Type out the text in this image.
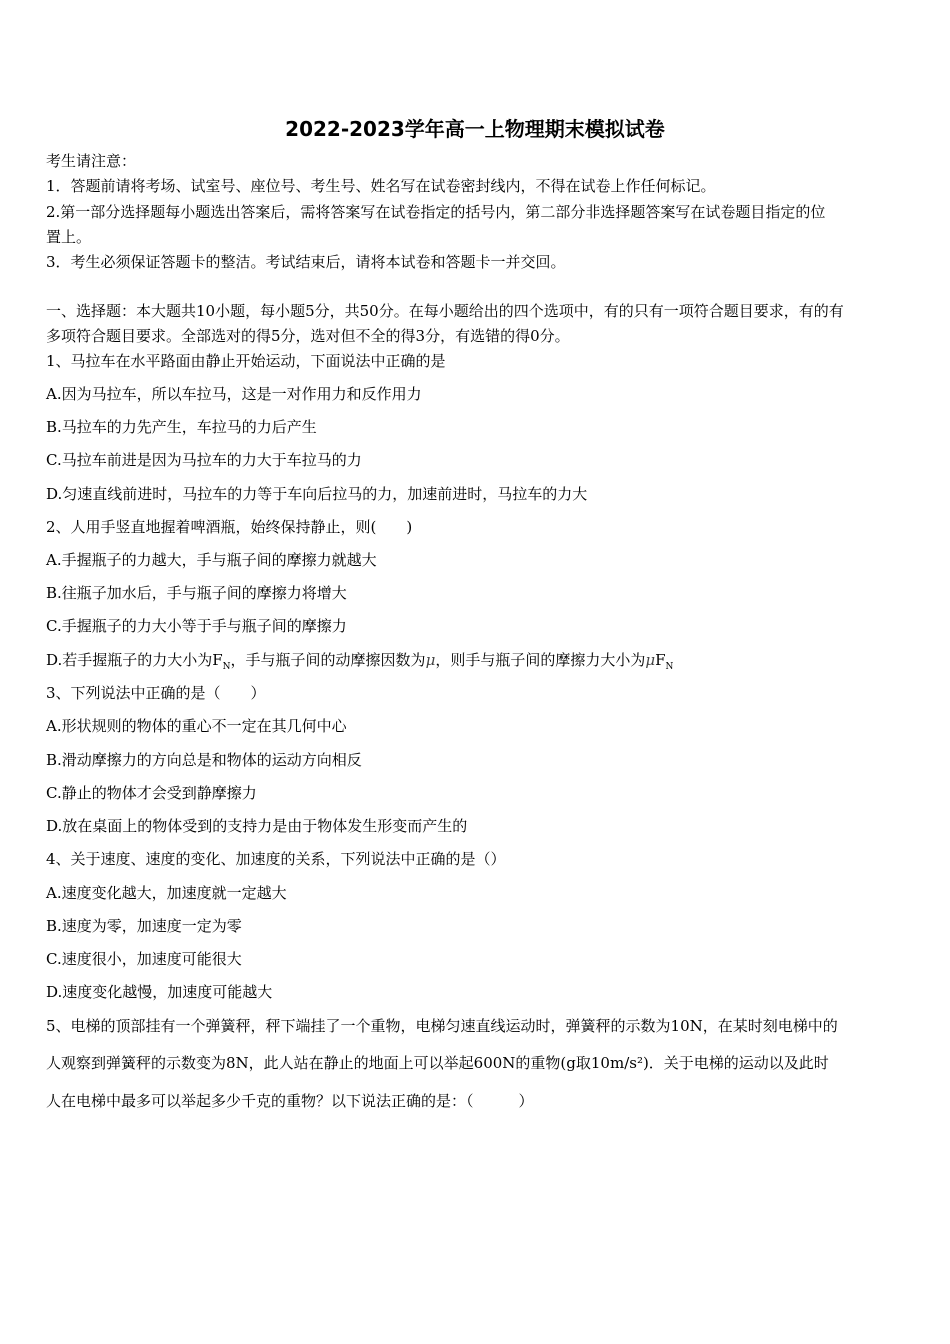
2022-2023学年高一上物理期末模拟试卷
考生请注意：
1．答题前请将考场、试室号、座位号、考生号、姓名写在试卷密封线内，不得在试卷上作任何标记。
2.第一部分选择题每小题选出答案后，需将答案写在试卷指定的括号内，第二部分非选择题答案写在试卷题目指定的位
置上。
3．考生必须保证答题卡的整洁。考试结束后，请将本试卷和答题卡一并交回。
一、选择题：本大题共10小题，每小题5分，共50分。在每小题给出的四个选项中，有的只有一项符合题目要求，有的有
多项符合题目要求。全部选对的得5分，选对但不全的得3分，有选错的得0分。
1、马拉车在水平路面由静止开始运动，下面说法中正确的是
A.因为马拉车，所以车拉马，这是一对作用力和反作用力
B.马拉车的力先产生，车拉马的力后产生
C.马拉车前进是因为马拉车的力大于车拉马的力
D.匀速直线前进时，马拉车的力等于车向后拉马的力，加速前进时，马拉车的力大
2、人用手竖直地握着啤酒瓶，始终保持静止，则(　　)
A.手握瓶子的力越大，手与瓶子间的摩擦力就越大
B.往瓶子加水后，手与瓶子间的摩擦力将增大
C.手握瓶子的力大小等于手与瓶子间的摩擦力
D.若手握瓶子的力大小为$F_N$，手与瓶子间的动摩擦因数为μ，则手与瓶子间的摩擦力大小为$\mu F_N$
3、下列说法中正确的是（　　）
A.形状规则的物体的重心不一定在其几何中心
B.滑动摩擦力的方向总是和物体的运动方向相反
C.静止的物体才会受到静摩擦力
D.放在桌面上的物体受到的支持力是由于物体发生形变而产生的
4、关于速度、速度的变化、加速度的关系，下列说法中正确的是（）
A.速度变化越大，加速度就一定越大
B.速度为零，加速度一定为零
C.速度很小，加速度可能很大
D.速度变化越慢，加速度可能越大
5、电梯的顶部挂有一个弹簧秤，秤下端挂了一个重物，电梯匀速直线运动时，弹簧秤的示数为10N，在某时刻电梯中的
人观察到弹簧秤的示数变为8N，此人站在静止的地面上可以举起600N的重物(g取10m/s²)．关于电梯的运动以及此时
人在电梯中最多可以举起多少千克的重物？以下说法正确的是：（　　　）
